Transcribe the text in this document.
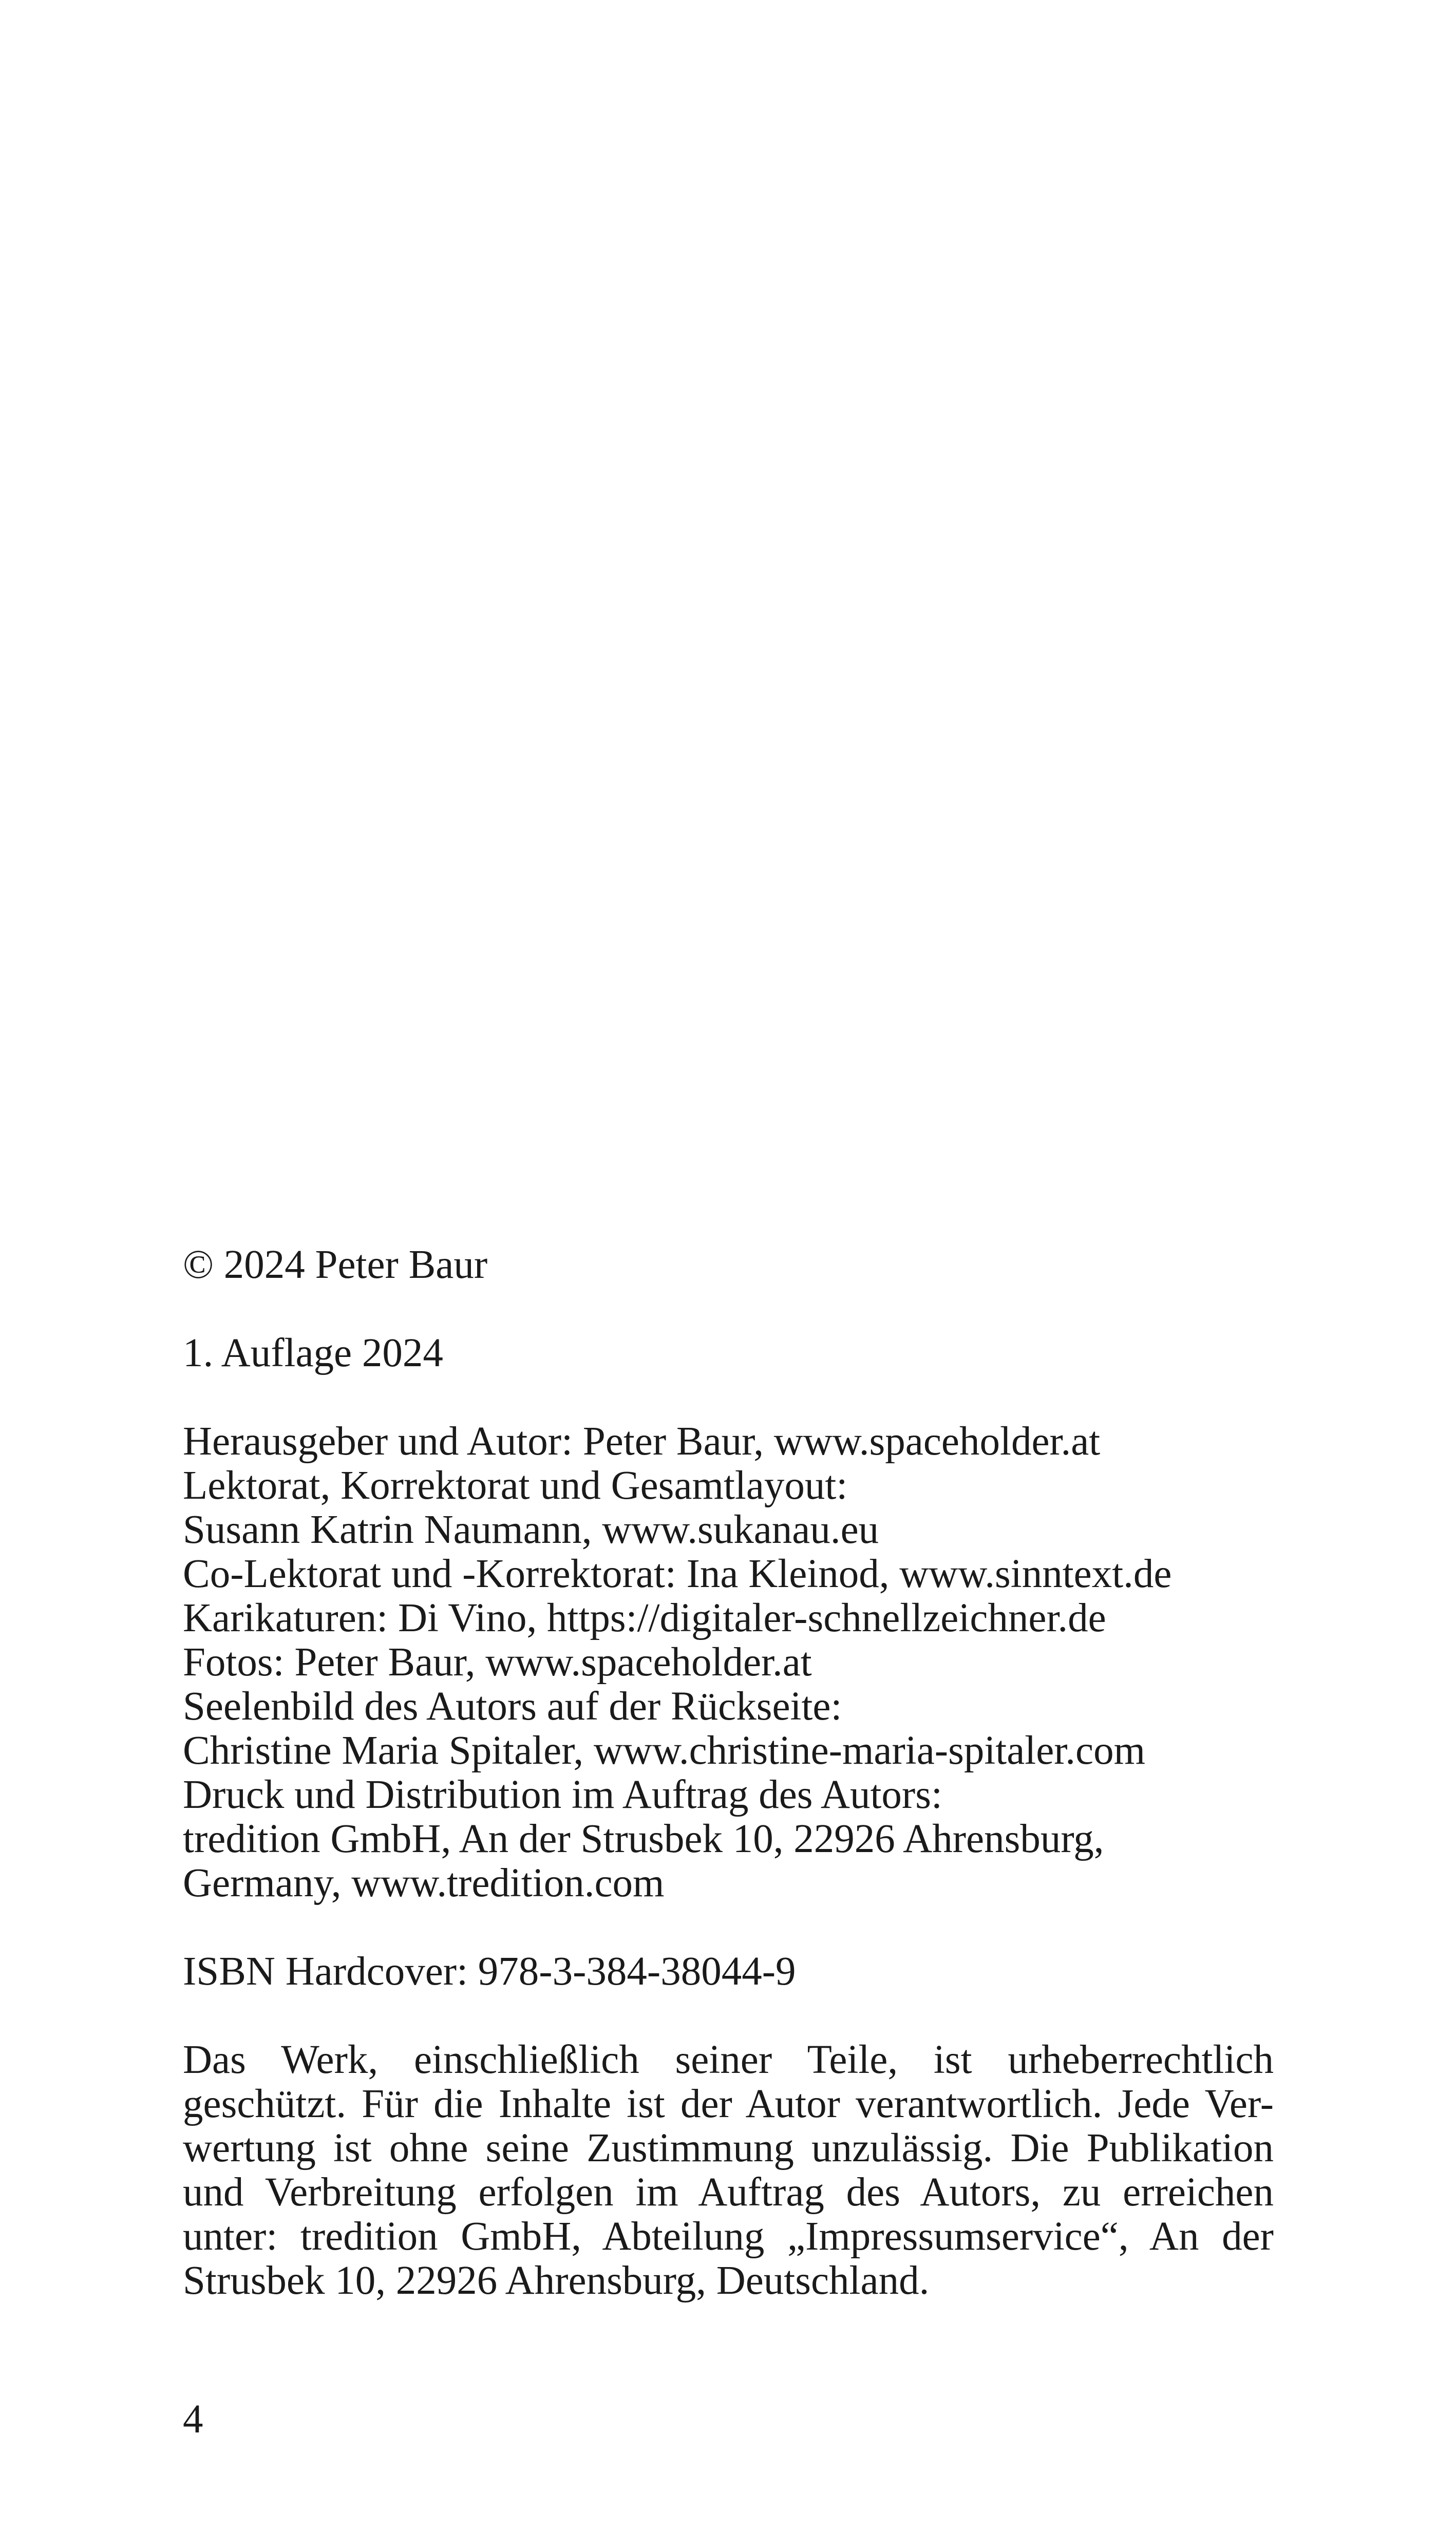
© 2024 Peter Baur
1. Auflage 2024
Herausgeber und Autor: Peter Baur, www.spaceholder.at
Lektorat, Korrektorat und Gesamtlayout:
Susann Katrin Naumann, www.sukanau.eu
Co-Lektorat und -Korrektorat: Ina Kleinod, www.sinntext.de
Karikaturen: Di Vino, https://digitaler-schnellzeichner.de
Fotos: Peter Baur, www.spaceholder.at
Seelenbild des Autors auf der Rückseite:
Christine Maria Spitaler, www.christine-maria-spitaler.com
Druck und Distribution im Auftrag des Autors:
tredition GmbH, An der Strusbek 10, 22926 Ahrensburg,
Germany, www.tredition.com
ISBN Hardcover: 978-3-384-38044-9
Das Werk, einschließlich seiner Teile, ist urheberrechtlich
geschützt. Für die Inhalte ist der Autor verantwortlich. Jede Ver-
wertung ist ohne seine Zustimmung unzulässig. Die Publikation
und Verbreitung erfolgen im Auftrag des Autors, zu erreichen
unter: tredition GmbH, Abteilung „Impressumservice“, An der
Strusbek 10, 22926 Ahrensburg, Deutschland.
4
